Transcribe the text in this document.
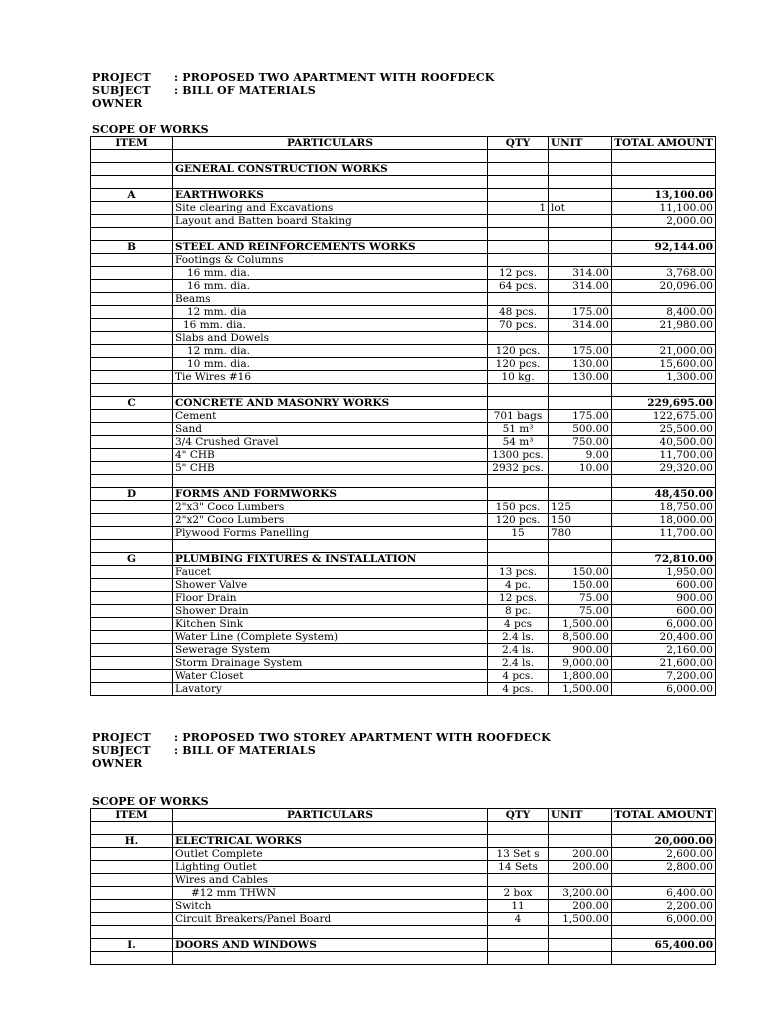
PROJECT : PROPOSED TWO APARTMENT WITH ROOFDECK
SUBJECT : BILL OF MATERIALS
OWNER
SCOPE OF WORKS
ITEM	PARTICULARS	QTY	UNIT	TOTAL AMOUNT

	GENERAL CONSTRUCTION WORKS			

A	EARTHWORKS			13,100.00
	Site clearing and Excavations	1	lot	11,100.00
	Layout and Batten board Staking			2,000.00

B	STEEL AND REINFORCEMENTS WORKS			92,144.00
	Footings & Columns			
	16 mm. dia.	12 pcs.	314.00	3,768.00
	16 mm. dia.	64 pcs.	314.00	20,096.00
	Beams			
	12 mm. dia	48 pcs.	175.00	8,400.00
	16 mm. dia.	70 pcs.	314.00	21,980.00
	Slabs and Dowels			
	12 mm. dia.	120 pcs.	175.00	21,000.00
	10 mm. dia.	120 pcs.	130.00	15,600.00
	Tie Wires #16	10 kg.	130.00	1,300.00

C	CONCRETE AND MASONRY WORKS			229,695.00
	Cement	701 bags	175.00	122,675.00
	Sand	51 m³	500.00	25,500.00
	3/4 Crushed Gravel	54 m³	750.00	40,500.00
	4" CHB	1300 pcs.	9.00	11,700.00
	5" CHB	2932 pcs.	10.00	29,320.00

D	FORMS AND FORMWORKS			48,450.00
	2"x3" Coco Lumbers	150 pcs.	125	18,750.00
	2"x2" Coco Lumbers	120 pcs.	150	18,000.00
	Plywood Forms Panelling	15	780	11,700.00

G	PLUMBING FIXTURES & INSTALLATION			72,810.00
	Faucet	13 pcs.	150.00	1,950.00
	Shower Valve	4 pc.	150.00	600.00
	Floor Drain	12 pcs.	75.00	900.00
	Shower Drain	8 pc.	75.00	600.00
	Kitchen Sink	4 pcs	1,500.00	6,000.00
	Water Line (Complete System)	2.4 ls.	8,500.00	20,400.00
	Sewerage System	2.4 ls.	900.00	2,160.00
	Storm Drainage System	2.4 ls.	9,000.00	21,600.00
	Water Closet	4 pcs.	1,800.00	7,200.00
	Lavatory	4 pcs.	1,500.00	6,000.00
PROJECT : PROPOSED TWO STOREY APARTMENT WITH ROOFDECK
SUBJECT : BILL OF MATERIALS
OWNER
SCOPE OF WORKS
ITEM	PARTICULARS	QTY	UNIT	TOTAL AMOUNT

H.	ELECTRICAL WORKS			20,000.00
	Outlet Complete	13 Set s	200.00	2,600.00
	Lighting Outlet	14 Sets	200.00	2,800.00
	Wires and Cables			
	#12 mm THWN	2 box	3,200.00	6,400.00
	Switch	11	200.00	2,200.00
	Circuit Breakers/Panel Board	4	1,500.00	6,000.00

I.	DOORS AND WINDOWS			65,400.00
